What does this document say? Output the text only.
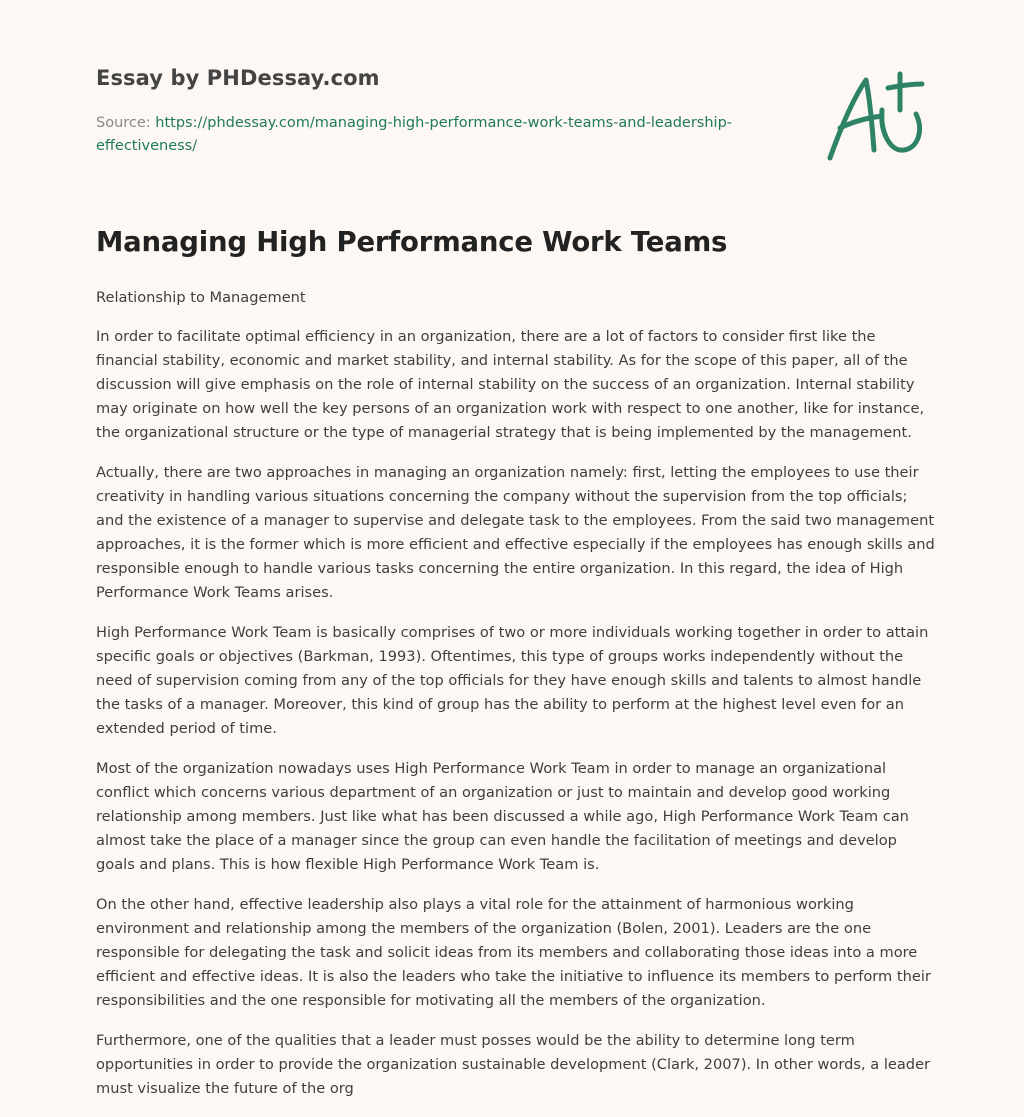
Essay by PHDessay.com
Source: https://phdessay.com/managing-high-performance-work-teams-and-leadership-effectiveness/
Managing High Performance Work Teams

Relationship to Management

In order to facilitate optimal efficiency in an organization, there are a lot of factors to consider first like the financial stability, economic and market stability, and internal stability. As for the scope of this paper, all of the discussion will give emphasis on the role of internal stability on the success of an organization. Internal stability may originate on how well the key persons of an organization work with respect to one another, like for instance, the organizational structure or the type of managerial strategy that is being implemented by the management.

Actually, there are two approaches in managing an organization namely: first, letting the employees to use their creativity in handling various situations concerning the company without the supervision from the top officials; and the existence of a manager to supervise and delegate task to the employees. From the said two management approaches, it is the former which is more efficient and effective especially if the employees has enough skills and responsible enough to handle various tasks concerning the entire organization. In this regard, the idea of High Performance Work Teams arises.

High Performance Work Team is basically comprises of two or more individuals working together in order to attain specific goals or objectives (Barkman, 1993). Oftentimes, this type of groups works independently without the need of supervision coming from any of the top officials for they have enough skills and talents to almost handle the tasks of a manager. Moreover, this kind of group has the ability to perform at the highest level even for an extended period of time.

Most of the organization nowadays uses High Performance Work Team in order to manage an organizational conflict which concerns various department of an organization or just to maintain and develop good working relationship among members. Just like what has been discussed a while ago, High Performance Work Team can almost take the place of a manager since the group can even handle the facilitation of meetings and develop goals and plans. This is how flexible High Performance Work Team is.

On the other hand, effective leadership also plays a vital role for the attainment of harmonious working environment and relationship among the members of the organization (Bolen, 2001). Leaders are the one responsible for delegating the task and solicit ideas from its members and collaborating those ideas into a more efficient and effective ideas. It is also the leaders who take the initiative to influence its members to perform their responsibilities and the one responsible for motivating all the members of the organization.

Furthermore, one of the qualities that a leader must posses would be the ability to determine long term opportunities in order to provide the organization sustainable development (Clark, 2007). In other words, a leader must visualize the future of the org
